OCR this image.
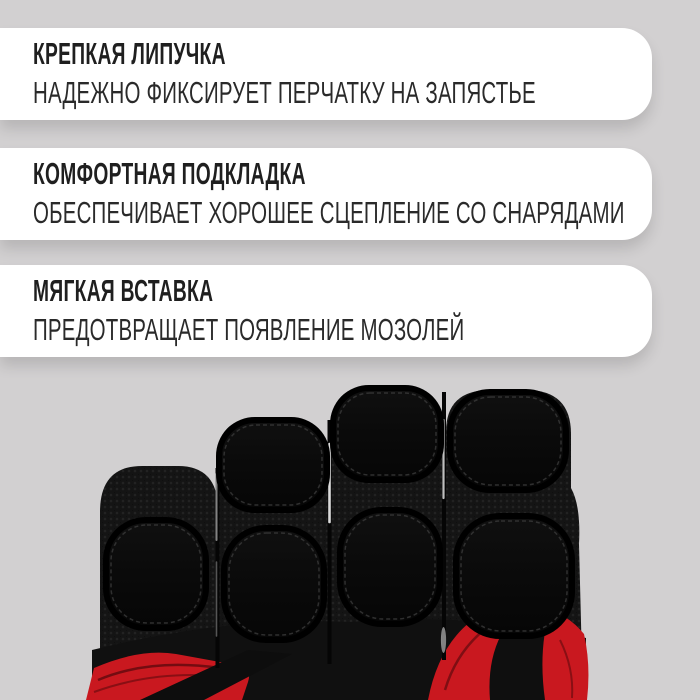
КРЕПКАЯ ЛИПУЧКА
НАДЕЖНО ФИКСИРУЕТ ПЕРЧАТКУ НА ЗАПЯСТЬЕ
КОМФОРТНАЯ ПОДКЛАДКА
ОБЕСПЕЧИВАЕТ ХОРОШЕЕ СЦЕПЛЕНИЕ СО СНАРЯДАМИ
МЯГКАЯ ВСТАВКА
ПРЕДОТВРАЩАЕТ ПОЯВЛЕНИЕ МОЗОЛЕЙ
